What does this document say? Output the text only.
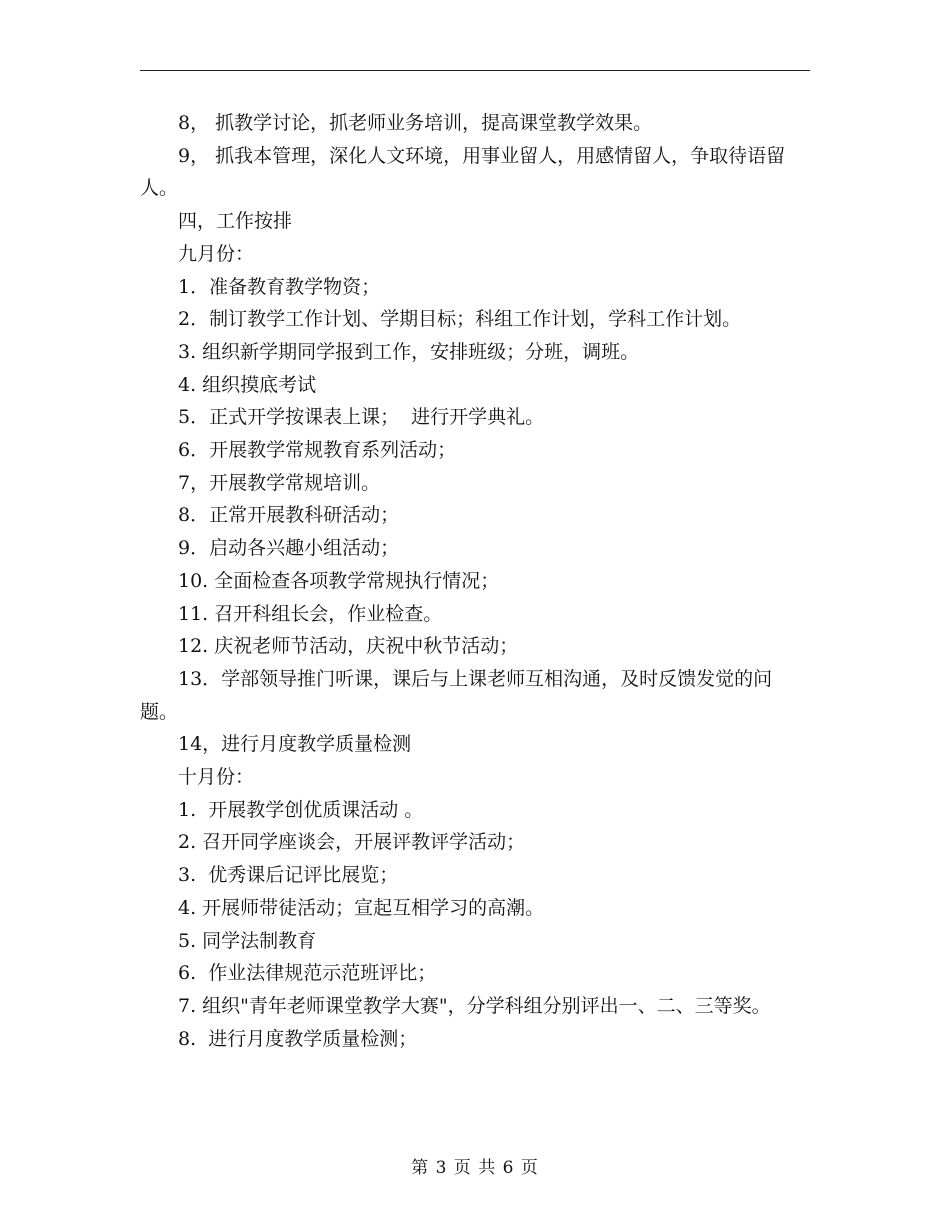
8， 抓教学讨论，抓老师业务培训，提高课堂教学效果。

9， 抓我本管理，深化人文环境，用事业留人，用感情留人，争取待语留人。

四，工作按排

九月份：

1．准备教育教学物资；

2．制订教学工作计划、学期目标；科组工作计划，学科工作计划。

3. 组织新学期同学报到工作，安排班级；分班，调班。

4. 组织摸底考试

5．正式开学按课表上课；  进行开学典礼。

6．开展教学常规教育系列活动；

7，开展教学常规培训。

8．正常开展教科研活动；

9．启动各兴趣小组活动；

10. 全面检查各项教学常规执行情况；

11. 召开科组长会，作业检查。

12. 庆祝老师节活动，庆祝中秋节活动；

13．学部领导推门听课，课后与上课老师互相沟通，及时反馈发觉的问题。

14，进行月度教学质量检测

十月份：

1.  开展教学创优质课活动 。

2. 召开同学座谈会，开展评教评学活动；

3.  优秀课后记评比展览；

4. 开展师带徒活动；宣起互相学习的高潮。

5. 同学法制教育

6.  作业法律规范示范班评比；

7. 组织"青年老师课堂教学大赛"，分学科组分别评出一、二、三等奖。

8.  进行月度教学质量检测；

第 3 页 共 6 页
